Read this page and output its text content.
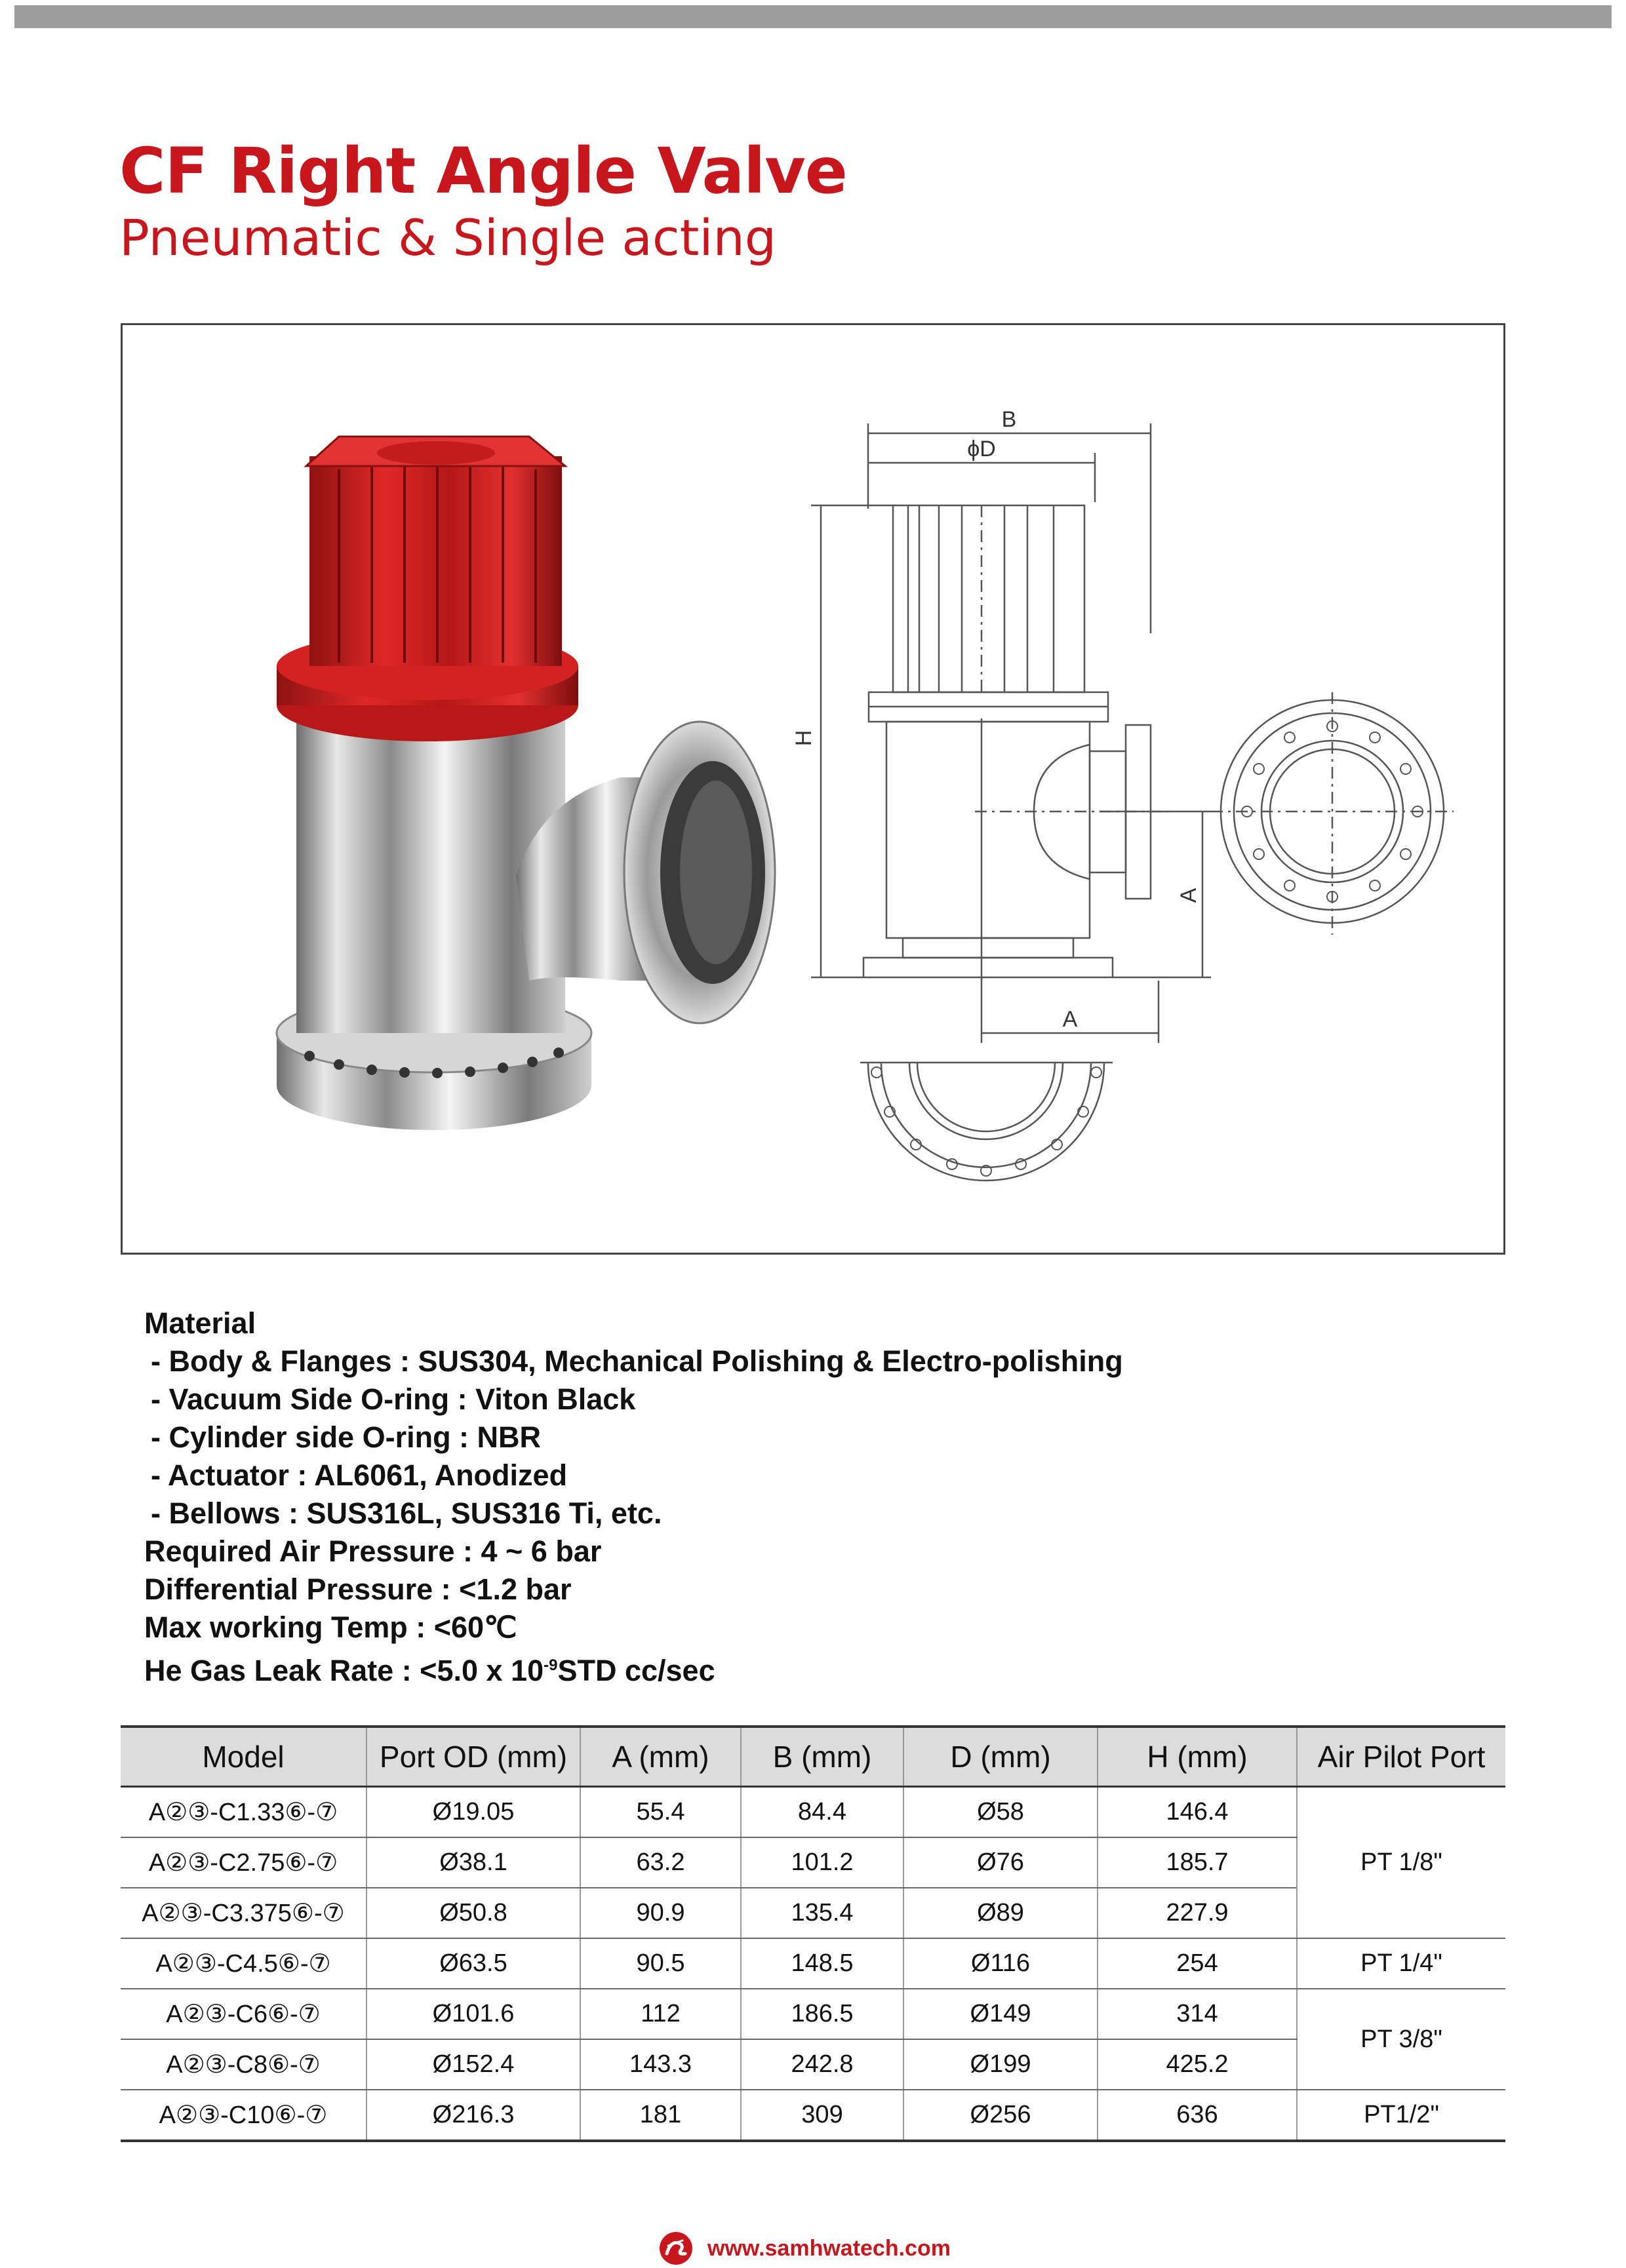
CF Right Angle Valve
Pneumatic & Single acting
B
ϕD
H
A
A
Material
- Body & Flanges : SUS304, Mechanical Polishing & Electro-polishing
- Vacuum Side O-ring : Viton Black
- Cylinder side O-ring : NBR
- Actuator : AL6061, Anodized
- Bellows : SUS316L, SUS316 Ti, etc.
Required Air Pressure : 4 ~ 6 bar
Differential Pressure : <1.2 bar
Max working Temp : <60℃
He Gas Leak Rate : <5.0 x $10^{-9}STD$ cc/sec
Model	Port OD (mm)	A (mm)	B (mm)	D (mm)	H (mm)	Air Pilot Port
A②③-C1.33⑥-⑦	Ø19.05	55.4	84.4	Ø58	146.4	PT 1/8"
A②③-C2.75⑥-⑦	Ø38.1	63.2	101.2	Ø76	185.7	
A②③-C3.375⑥-⑦	Ø50.8	90.9	135.4	Ø89	227.9	
A②③-C4.5⑥-⑦	Ø63.5	90.5	148.5	Ø116	254	PT 1/4"
A②③-C6⑥-⑦	Ø101.6	112	186.5	Ø149	314	PT 3/8"
A②③-C8⑥-⑦	Ø152.4	143.3	242.8	Ø199	425.2	
A②③-C10⑥-⑦	Ø216.3	181	309	Ø256	636	PT1/2"
www.samhwatech.com
